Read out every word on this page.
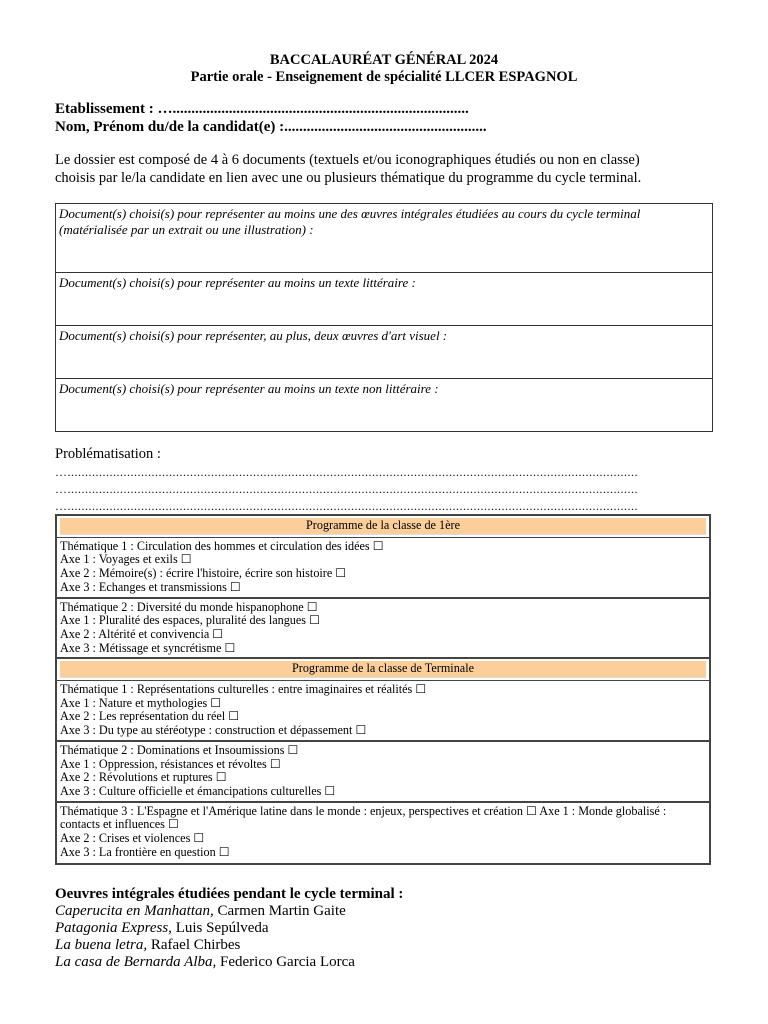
BACCALAURÉAT GÉNÉRAL 2024
Partie orale - Enseignement de spécialité LLCER ESPAGNOL
Etablissement : …...............................................................................
Nom, Prénom du/de la candidat(e) :......................................................
Le dossier est composé de 4 à 6 documents (textuels et/ou iconographiques étudiés ou non en classe)
choisis par le/la candidate en lien avec une ou plusieurs thématique du programme du cycle terminal.
Document(s) choisi(s) pour représenter au moins une des œuvres intégrales étudiées au cours du cycle terminal (matérialisée par un extrait ou une illustration) :
Document(s) choisi(s) pour représenter au moins un texte littéraire :
Document(s) choisi(s) pour représenter, au plus, deux œuvres d'art visuel :
Document(s) choisi(s) pour représenter au moins un texte non littéraire :
Problématisation :
…...................................................................................................................................................................
…...................................................................................................................................................................
…...................................................................................................................................................................
Programme de la classe de 1ère
Thématique 1 : Circulation des hommes et circulation des idées ☐
Axe 1 : Voyages et exils ☐
Axe 2 : Mémoire(s) : écrire l'histoire, écrire son histoire ☐
Axe 3 : Echanges et transmissions ☐
Thématique 2 : Diversité du monde hispanophone ☐
Axe 1 : Pluralité des espaces, pluralité des langues ☐
Axe 2 : Altérité et convivencia ☐
Axe 3 : Métissage et syncrétisme ☐
Programme de la classe de Terminale
Thématique 1 : Représentations culturelles : entre imaginaires et réalités ☐
Axe 1 : Nature et mythologies ☐
Axe 2 : Les représentation du réel ☐
Axe 3 : Du type au stéréotype : construction et dépassement ☐
Thématique 2 : Dominations et Insoumissions ☐
Axe 1 : Oppression, résistances et révoltes ☐
Axe 2 : Révolutions et ruptures ☐
Axe 3 : Culture officielle et émancipations culturelles ☐
Thématique 3 : L'Espagne et l'Amérique latine dans le monde : enjeux, perspectives et création ☐ Axe 1 : Monde globalisé : contacts et influences ☐
Axe 2 : Crises et violences ☐
Axe 3 : La frontière en question ☐
Oeuvres intégrales étudiées pendant le cycle terminal :
Caperucita en Manhattan, Carmen Martin Gaite
Patagonia Express, Luis Sepúlveda
La buena letra, Rafael Chirbes
La casa de Bernarda Alba, Federico Garcia Lorca
